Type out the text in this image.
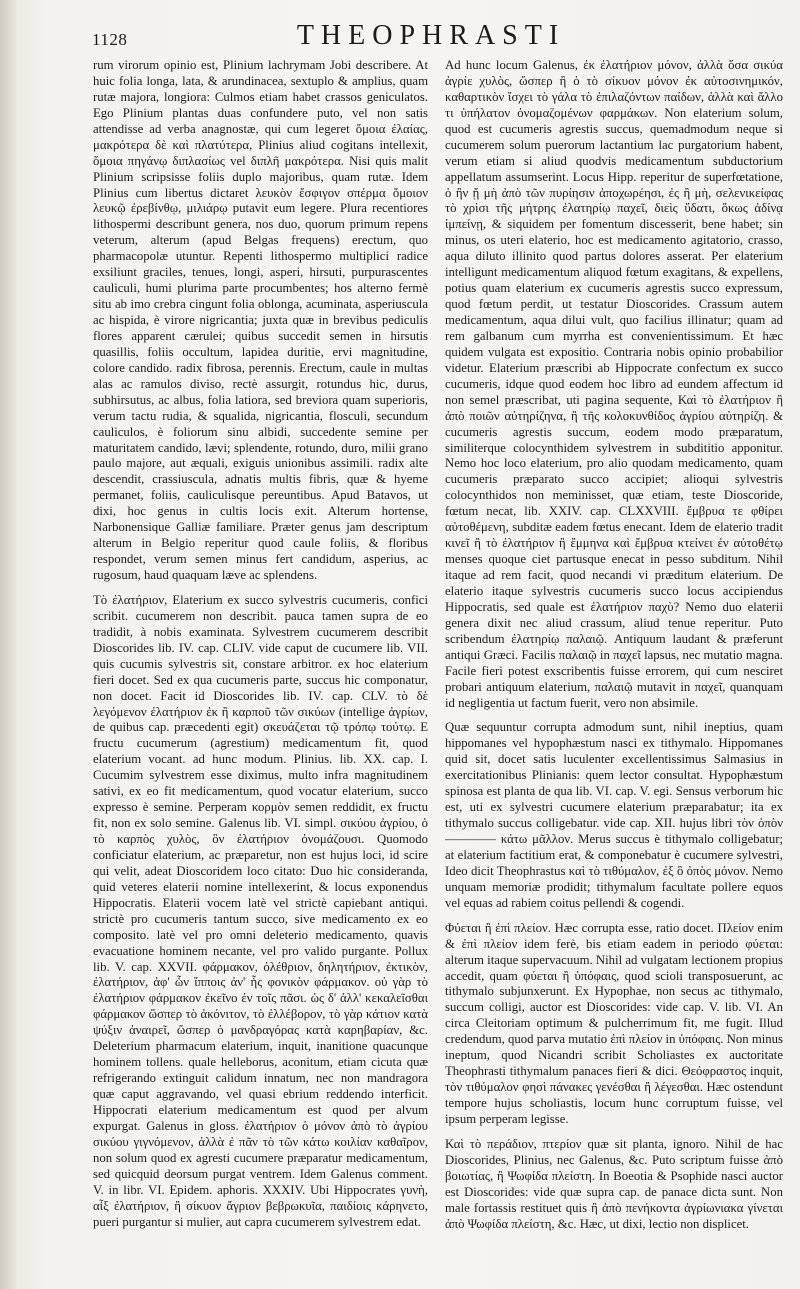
1128	THEOPHRASTI

rum virorum opinio est, Plinium lachrymam Jobi describere. At huic folia longa, lata, & arundinacea, sextuplo & amplius, quam rutæ majora, longiora: Culmos etiam habet crassos geniculatos. Ego Plinium plantas duas confundere puto, vel non satis attendisse ad verba anagnostæ, qui cum legeret ὅμοια ἐλαίας, μακρότερα δὲ καὶ πλατύτερα, Plinius aliud cogitans intellexit, ὅμοια πηγάνῳ διπλασίως vel διπλῆ μακρότερα. Nisi quis malit Plinium scripsisse foliis duplo majoribus, quam rutæ. Idem Plinius cum libertus dictaret λευκὸν ἔσφιγον σπέρμα ὅμοιον λευκῷ ἐρεβίνθῳ, μιλιάρῳ putavit eum legere. Plura recentiores lithospermi describunt genera, nos duo, quorum primum repens veterum, alterum (apud Belgas frequens) erectum, quo pharmacopolæ utuntur. Repenti lithospermo multiplici radice exsiliunt graciles, tenues, longi, asperi, hirsuti, purpurascentes cauliculi, humi plurima parte procumbentes; hos alterno fermè situ ab imo crebra cingunt folia oblonga, acuminata, asperiuscula ac hispida, è virore nigricantia; juxta quæ in brevibus pediculis flores apparent cærulei; quibus succedit semen in hirsutis quasillis, foliis occultum, lapidea duritie, ervi magnitudine, colore candido. radix fibrosa, perennis. Erectum, caule in multas alas ac ramulos diviso, rectè assurgit, rotundus hic, durus, subhirsutus, ac albus, folia latiora, sed breviora quam superioris, verum tactu rudia, & squalida, nigricantia, flosculi, secundum cauliculos, è foliorum sinu albidi, succedente semine per maturitatem candido, lævi; splendente, rotundo, duro, milii grano paulo majore, aut æquali, exiguis unionibus assimili. radix alte descendit, crassiuscula, adnatis multis fibris, quæ & hyeme permanet, foliis, cauliculisque pereuntibus. Apud Batavos, ut dixi, hoc genus in cultis locis exit. Alterum hortense, Narbonensique Galliæ familiare. Præter genus jam descriptum alterum in Belgio reperitur quod caule foliis, & floribus respondet, verum semen minus fert candidum, asperius, ac rugosum, haud quaquam læve ac splendens.

Τὸ ἐλατήριον, Elaterium ex succo sylvestris cucumeris, confici scribit. cucumerem non describit. pauca tamen supra de eo tradidit, à nobis examinata. Sylvestrem cucumerem describit Dioscorides lib. IV. cap. CLIV. vide caput de cucumere lib. VII. quis cucumis sylvestris sit, constare arbitror. ex hoc elaterium fieri docet. Sed ex qua cucumeris parte, succus hic componatur, non docet. Facit id Dioscorides lib. IV. cap. CLV. τὸ δὲ λεγόμενον ἐλατήριον ἐκ ἢ καρποῦ τῶν σικύων (intellige ἀγρίων, de quibus cap. præcedenti egit) σκευάζεται τῷ τρόπῳ τούτῳ. E fructu cucumerum (agrestium) medicamentum fit, quod elaterium vocant. ad hunc modum. Plinius. lib. XX. cap. I. Cucumim sylvestrem esse diximus, multo infra magnitudinem sativi, ex eo fit medicamentum, quod vocatur elaterium, succo expresso è semine. Perperam κορμὸν semen reddidit, ex fructu fit, non ex solo semine. Galenus lib. VI. simpl. σικύου ἀγρίου, ὁ τὸ καρπὸς χυλὸς, ὃν ἐλατήριον ὀνομάζουσι. Quomodo conficiatur elaterium, ac præparetur, non est hujus loci, id scire qui velit, adeat Dioscoridem loco citato: Duo hic consideranda, quid veteres elaterii nomine intellexerint, & locus exponendus Hippocratis. Elaterii vocem latè vel strictè capiebant antiqui. strictè pro cucumeris tantum succo, sive medicamento ex eo composito. latè vel pro omni deleterio medicamento, quavis evacuatione hominem necante, vel pro valido purgante. Pollux lib. V. cap. XXVII. φάρμακον, ὀλέθριον, δηλητήριον, ἐκτικὸν, ἐλατήριον, ἀφ' ὧν ἵπποις ἀν' ἧς φονικὸν φάρμακον. οὐ γὰρ τὸ ἐλατήριον φάρμακον ἐκεῖνο ἐν τοῖς πᾶσι. ὡς δ' ἀλλ' κεκαλεῖσθαι φάρμακον ὥσπερ τὸ ἀκόνιτον, τὸ ἐλλέβορον, τὸ γὰρ κάτιον κατὰ ψύξιν ἀναιρεῖ, ὥσπερ ὁ μανδραγόρας κατὰ καρηβαρίαν, &c. Deleterium pharmacum elaterium, inquit, inanitione quacunque hominem tollens. quale helleborus, aconitum, etiam cicuta quæ refrigerando extinguit calidum innatum, nec non mandragora quæ caput aggravando, vel quasi ebrium reddendo interficit. Hippocrati elaterium medicamentum est quod per alvum expurgat. Galenus in gloss. ἐλατήριον ὁ μόνον ἀπὸ τὸ ἀγρίου σικύου γιγνόμενον, ἀλλὰ ἐ πᾶν τὸ τῶν κάτω κοιλίαν καθαῖρον, non solum quod ex agresti cucumere præparatur medicamentum, sed quicquid deorsum purgat ventrem. Idem Galenus comment. V. in libr. VI. Epidem. aphoris. XXXIV. Ubi Hippocrates γυνὴ, αἶξ ἐλατήριον, ἢ σίκυον ἄγριον βεβρωκυῖα, παιδίοις κάρηνετο, pueri purgantur si mulier, aut capra cucumerem sylvestrem edat.

Ad hunc locum Galenus, ἐκ ἐλατήριον μόνον, ἀλλὰ ὅσα σικύα ἀγρίε χυλὸς, ὥσπερ ἢ ὁ τὸ σίκυον μόνον ἐκ αὐτοσινημικόν, καθαρτικὸν ἴσχει τὸ γάλα τὸ ἐπιλαζόντων παίδων, ἀλλὰ καὶ ἄλλο τι ὑπήλατον ὀνομαζομένων φαρμάκων. Non elaterium solum, quod est cucumeris agrestis succus, quemadmodum neque si cucumerem solum puerorum lactantium lac purgatorium habent, verum etiam si aliud quodvis medicamentum subductorium appellatum assumserint. Locus Hipp. reperitur de superfœtatione, ὁ ἢν ᾔ μὴ ἀπὸ τῶν πυρίησιν ἀποχωρέησι, ἐς ἢ μὴ, σελενικείφας τὸ χρὶσι τῆς μήτρης ἐλατηρίῳ παχεῖ, διεὶς ὕδατι, ὅκως ἀδίνᾳ ἱμπείνῃ, & siquidem per fomentum discesserit, bene habet; sin minus, os uteri elaterio, hoc est medicamento agitatorio, crasso, aqua diluto illinito quod partus dolores asserat. Per elaterium intelligunt medicamentum aliquod fœtum exagitans, & expellens, potius quam elaterium ex cucumeris agrestis succo expressum, quod fœtum perdit, ut testatur Dioscorides. Crassum autem medicamentum, aqua dilui vult, quo facilius illinatur; quam ad rem galbanum cum myrrha est convenientissimum. Et hæc quidem vulgata est expositio. Contraria nobis opinio probabilior videtur. Elaterium præscribi ab Hippocrate confectum ex succo cucumeris, idque quod eodem hoc libro ad eundem affectum id non semel præscribat, uti pagina sequente, Καὶ τὸ ἐλατήριον ἢ ἀπὸ ποιῶν αὐτηρίζηνα, ἢ τῆς κολοκυνθίδος ἀγρίου αὐτηρίζη. & cucumeris agrestis succum, eodem modo præparatum, similiterque colocynthidem sylvestrem in subdititio apponitur. Nemo hoc loco elaterium, pro alio quodam medicamento, quam cucumeris præparato succo accipiet; alioqui sylvestris colocynthidos non meminisset, quæ etiam, teste Dioscoride, fœtum necat, lib. XXIV. cap. CLXXVIII. ἔμβρυα τε φθίρει αὐτοθέμενη, subditæ eadem fœtus enecant. Idem de elaterio tradit κινεῖ ἢ τὸ ἐλατήριον ἢ ἔμμηνα καὶ ἔμβρυα κτείνει ἐν αὐτοθέτῳ menses quoque ciet partusque enecat in pesso subditum. Nihil itaque ad rem facit, quod necandi vi præditum elaterium. De elaterio itaque sylvestris cucumeris succo locus accipiendus Hippocratis, sed quale est ἐλατήριον παχὺ? Nemo duo elaterii genera dixit nec aliud crassum, aliud tenue reperitur. Puto scribendum ἐλατηρίῳ παλαιῷ. Antiquum laudant & præferunt antiqui Græci. Facilis παλαιῷ in παχεῖ lapsus, nec mutatio magna. Facile fieri potest exscribentis fuisse errorem, qui cum nesciret probari antiquum elaterium, παλαιῷ mutavit in παχεῖ, quanquam id negligentia ut factum fuerit, vero non absimile.

Quæ sequuntur corrupta admodum sunt, nihil ineptius, quam hippomanes vel hypophæstum nasci ex tithymalo. Hippomanes quid sit, docet satis luculenter excellentissimus Salmasius in exercitationibus Plinianis: quem lector consultat. Hypophæstum spinosa est planta de qua lib. VI. cap. V. egi. Sensus verborum hic est, uti ex sylvestri cucumere elaterium præparabatur; ita ex tithymalo succus colligebatur. vide cap. XII. hujus libri τὸν ὀπὸν ———— κάτω μᾶλλον. Merus succus è tithymalo colligebatur; at elaterium factitium erat, & componebatur è cucumere sylvestri, Ideo dicit Theophrastus καὶ τὸ τιθύμαλον, ἐξ ὃ ὀπὸς μόνον. Nemo unquam memoriæ prodidit; tithymalum facultate pollere equos vel equas ad rabiem coitus pellendi & cogendi.

Φύεται ἢ ἐπὶ πλείον. Hæc corrupta esse, ratio docet. Πλείον enim & ἐπὶ πλείον idem ferè, bis etiam eadem in periodo φύεται: alterum itaque supervacuum. Nihil ad vulgatam lectionem propius accedit, quam φύεται ἢ ὑπόφαις, quod scioli transposuerunt, ac tithymalo subjunxerunt. Ex Hypophae, non secus ac tithymalo, succum colligi, auctor est Dioscorides: vide cap. V. lib. VI. An circa Cleitoriam optimum & pulcherrimum fit, me fugit. Illud credendum, quod parva mutatio ἐπὶ πλείον in ὑπόφαις. Non minus ineptum, quod Nicandri scribit Scholiastes ex auctoritate Theophrasti tithymalum panaces fieri & dici. Θεόφραστος inquit, τὸν τιθύμαλον φησὶ πάνακες γενέσθαι ἢ λέγεσθαι. Hæc ostendunt tempore hujus scholiastis, locum hunc corruptum fuisse, vel ipsum perperam legisse.

Καὶ τὸ περάδιον, πτερίον quæ sit planta, ignoro. Nihil de hac Dioscorides, Plinius, nec Galenus, &c. Puto scriptum fuisse ἀπὸ βοιωτίας, ἢ Ψωφίδα πλείστη. In Boeotia & Psophide nasci auctor est Dioscorides: vide quæ supra cap. de panace dicta sunt. Non male fortassis restituet quis ἢ ἀπὸ πενήκοντα ἀγρίωνιακα γίνεται ἀπὸ Ψωφίδα πλείστη, &c. Hæc, ut dixi, lectio non displicet.
